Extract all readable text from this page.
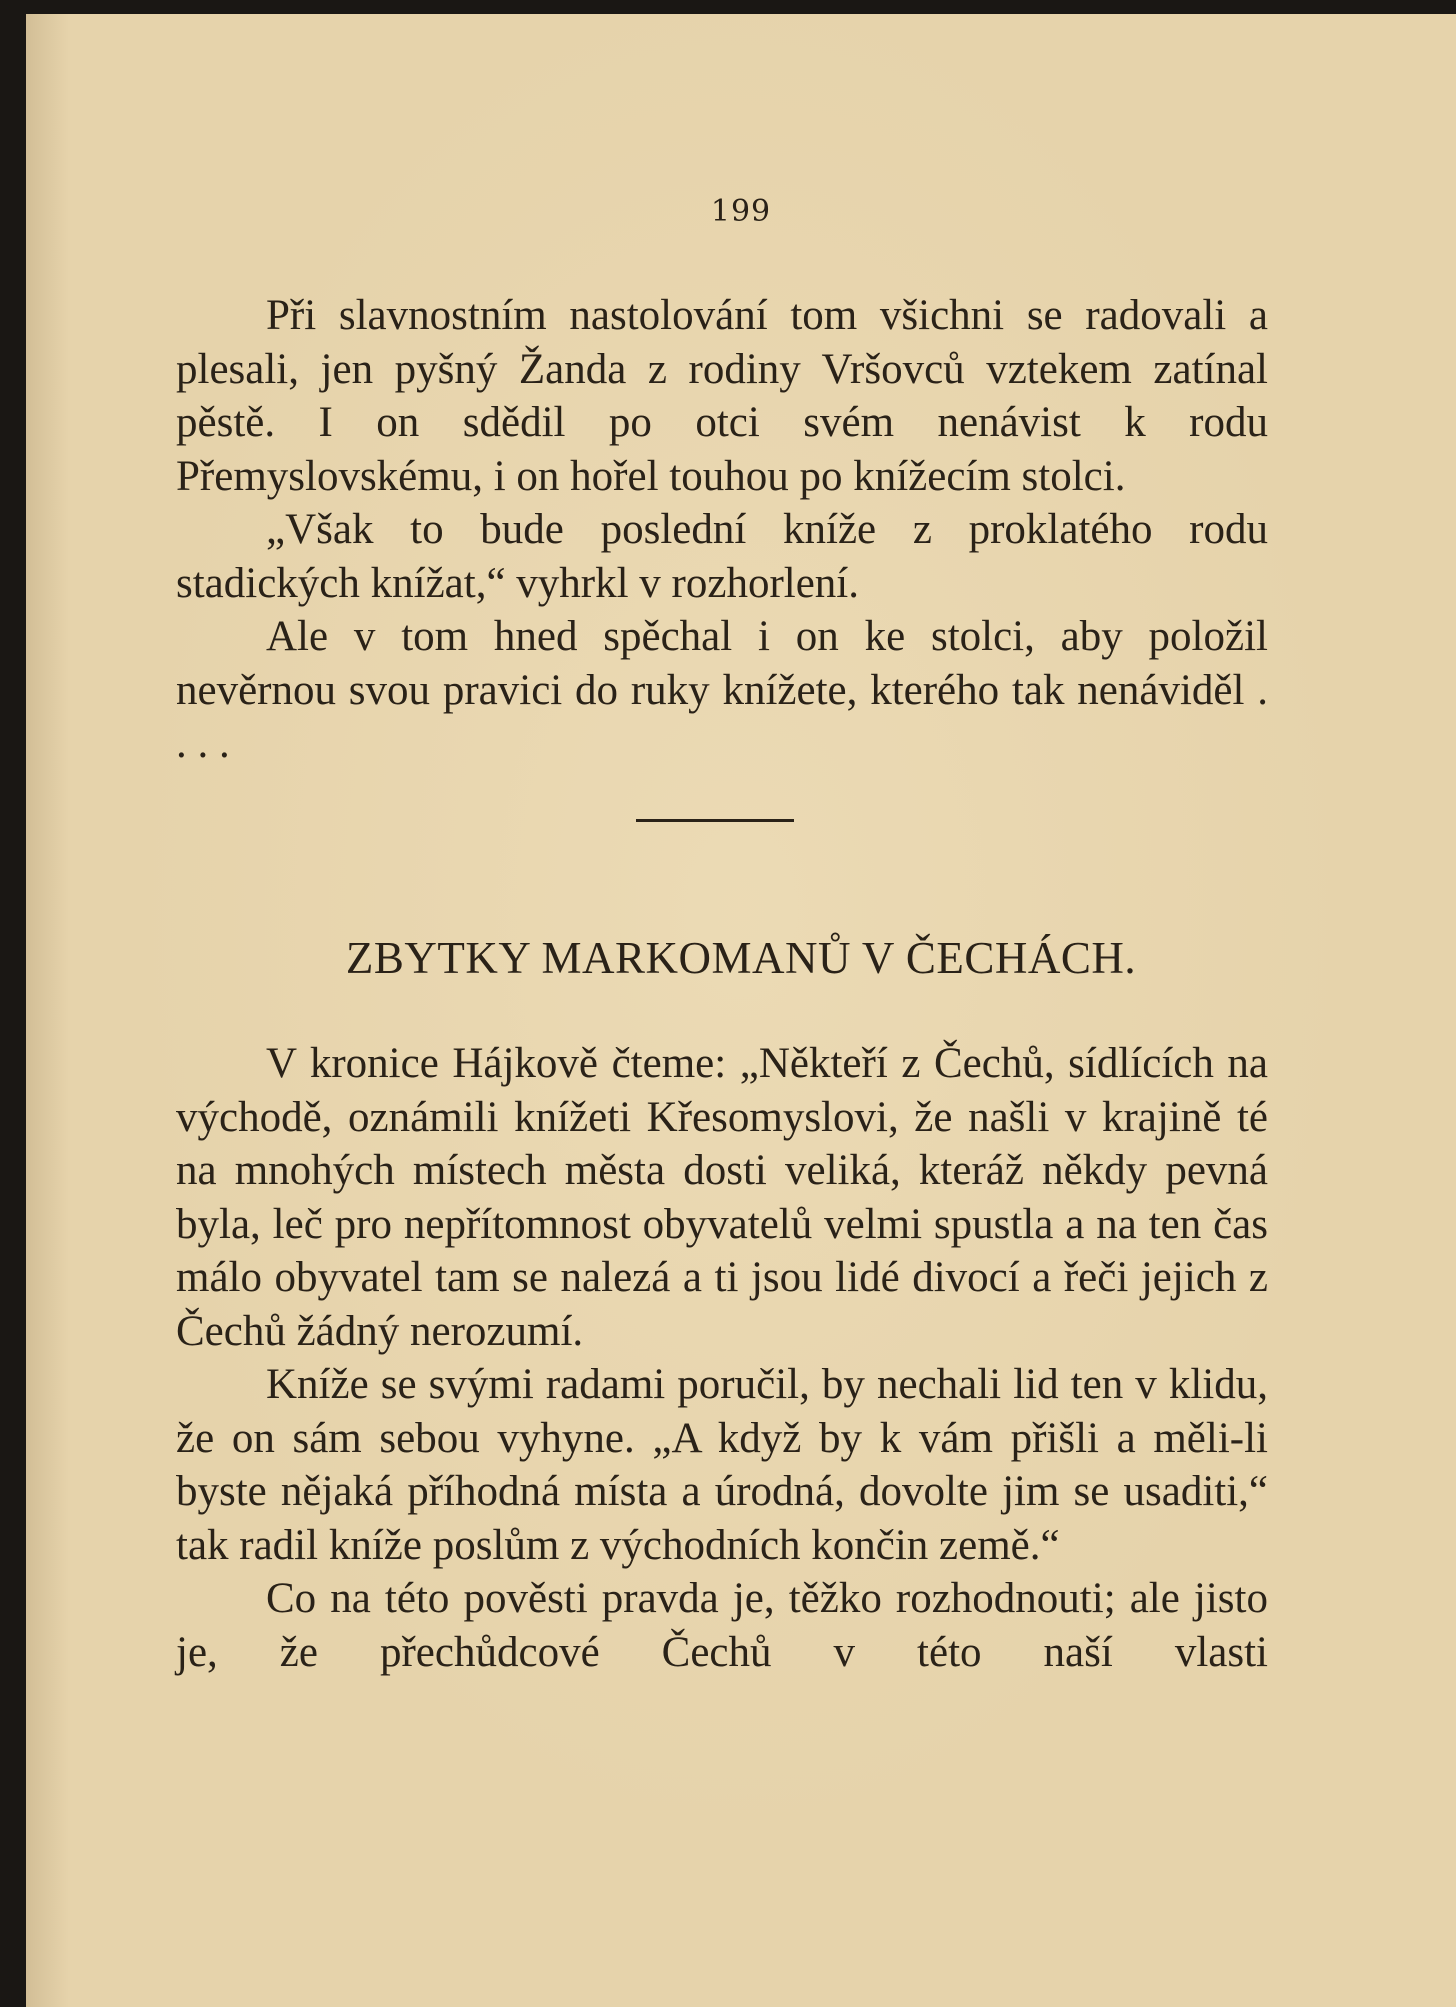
199

Při slavnostním nastolování tom všichni se radovali a plesali, jen pyšný Žanda z rodiny Vršovců vztekem zatínal pěstě. I on sdědil po otci svém nenávist k rodu Přemyslovskému, i on hořel touhou po knížecím stolci.

„Však to bude poslední kníže z proklatého rodu stadických knížat,“ vyhrkl v rozhorlení.

Ale v tom hned spěchal i on ke stolci, aby položil nevěrnou svou pravici do ruky knížete, kterého tak nenáviděl . . . .

ZBYTKY MARKOMANŮ V ČECHÁCH.

V kronice Hájkově čteme: „Někteří z Čechů, sídlících na východě, oznámili knížeti Křesomyslovi, že našli v krajině té na mnohých místech města dosti veliká, kteráž někdy pevná byla, leč pro nepřítomnost obyvatelů velmi spustla a na ten čas málo obyvatel tam se nalezá a ti jsou lidé divocí a řeči jejich z Čechů žádný nerozumí.

Kníže se svými radami poručil, by nechali lid ten v klidu, že on sám sebou vyhyne. „A když by k vám přišli a měli-li byste nějaká příhodná místa a úrodná, dovolte jim se usaditi,“ tak radil kníže poslům z východních končin země.“

Co na této pověsti pravda je, těžko rozhodnouti; ale jisto je, že přechůdcové Čechů v této naší vlasti
